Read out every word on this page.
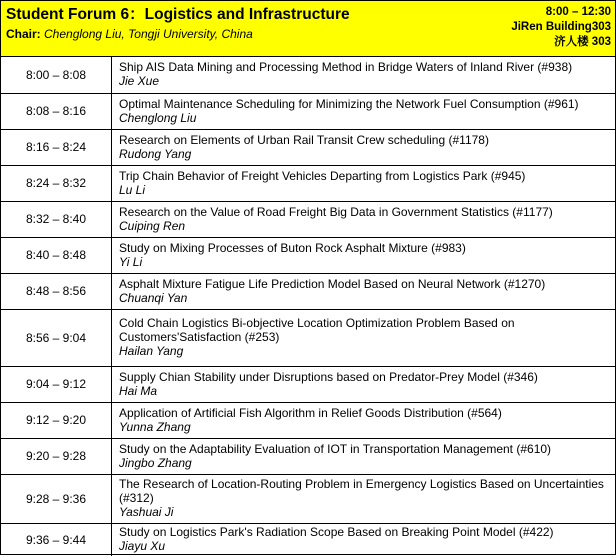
Student Forum 6：Logistics and Infrastructure
Chair: Chenglong Liu, Tongji University, China
8:00 – 12:30
JiRen Building303
济人楼 303
8:00 – 8:08	Ship AIS Data Mining and Processing Method in Bridge Waters of Inland River (#938)
Jie Xue

8:08 – 8:16	Optimal Maintenance Scheduling for Minimizing the Network Fuel Consumption (#961)
Chenglong Liu

8:16 – 8:24	Research on Elements of Urban Rail Transit Crew scheduling (#1178)
Rudong Yang

8:24 – 8:32	Trip Chain Behavior of Freight Vehicles Departing from Logistics Park (#945)
Lu Li

8:32 – 8:40	Research on the Value of Road Freight Big Data in Government Statistics (#1177)
Cuiping Ren

8:40 – 8:48	Study on Mixing Processes of Buton Rock Asphalt Mixture (#983)
Yi Li

8:48 – 8:56	Asphalt Mixture Fatigue Life Prediction Model Based on Neural Network (#1270)
Chuanqi Yan

8:56 – 9:04	Cold Chain Logistics Bi-objective Location Optimization Problem Based on Customers'Satisfaction (#253)
Hailan Yang

9:04 – 9:12	Supply Chian Stability under Disruptions based on Predator-Prey Model (#346)
Hai Ma

9:12 – 9:20	Application of Artificial Fish Algorithm in Relief Goods Distribution (#564)
Yunna Zhang

9:20 – 9:28	Study on the Adaptability Evaluation of IOT in Transportation Management (#610)
Jingbo Zhang

9:28 – 9:36	The Research of Location-Routing Problem in Emergency Logistics Based on Uncertainties (#312)
Yashuai Ji

9:36 – 9:44	Study on Logistics Park's Radiation Scope Based on Breaking Point Model (#422)
Jiayu Xu
